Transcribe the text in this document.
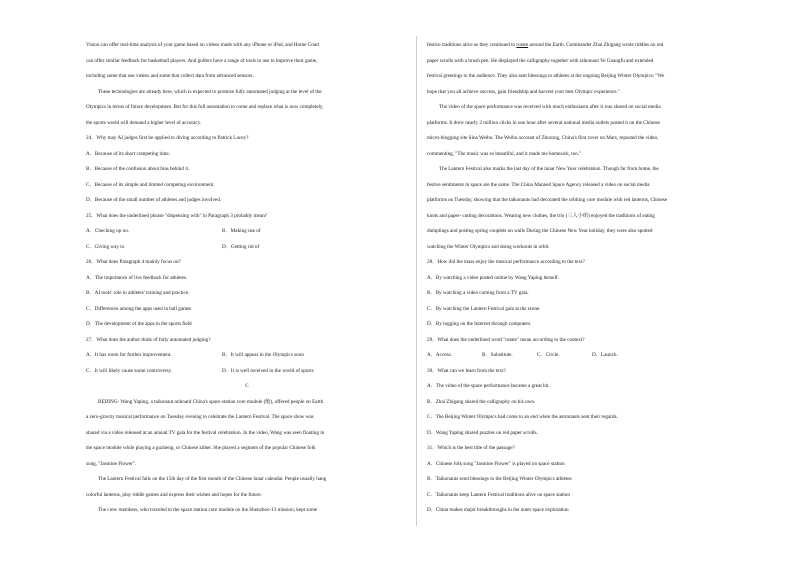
Vision can offer real-time analysis of your game based on videos made with any iPhone or iPad, and Home Court
can offer similar feedback for basketball players. And golfers have a range of tools to use to improve their game,
including some that use videos and some that collect data from advanced sensors.
These technologies are already here, which is expected to promise fully automated judging at the level of the
Olympics in terms of future development. But for this full automation to come and replace what is now completely,
the sports world will demand a higher level of accuracy.
24．Why may AI judges first be applied to diving according to Patrick Lucey?
A．Because of its short competing time.
B．Because of the confusion about bias behind it.
C．Because of its simple and limited competing environment.
D．Because of the small number of athletes and judges involved.
25．What does the underlined phrase "dispensing with" in Paragraph 3 probably mean?
A．Checking up on.	B．Making use of
C．Giving way to	D．Getting rid of
26．What does Paragraph 4 mainly focus on?
A．The importance of live feedback for athletes.
B．AI tools' role in athletes' training and practice.
C．Differences among the apps used in ball games
D．The development of the apps in the sports field
27．What does the author think of fully automated judging?
A．It has room for further improvement.	B．It will appear in the Olympics soon
C．It will likely cause some controversy.	D．It is well received in the world of sports
C
BEIJING- Wang Yaping, a taikonaut onboard China's space station core module (舱), offered people on Earth
a zero-gravity musical performance on Tuesday evening to celebrate the Lantern Festival. The space show was
shared via a video released at an annual TV gala for the festival celebration. In the video, Wang was seen floating in
the space module while playing a guzheng, or Chinese zither. She played a segment of the popular Chinese folk
song, "Jasmine Flower".
The Lantern Festival falls on the 15th day of the first month of the Chinese lunar calendar. People usually hang
colorful lanterns, play riddle games and express their wishes and hopes for the future.
The crew members, who traveled to the space station core module on the Shenzhou-13 mission, kept some
festive traditions alive as they continued to rotate around the Earth. Commander Zhai Zhigang wrote riddles on red
paper scrolls with a brush pen. He displayed the calligraphy together with taikonaut Ye Guangfu and extended
festival greetings to the audience. They also sent blessings to athletes at the ongoing Beijing Winter Olympics: "We
hope that you all achieve success, gain friendship and harvest your best Olympic experience."
The video of the space performance was received with much enthusiasm after it was shared on social media
platforms. It drew nearly 2 million clicks in one hour after several national media outlets posted it on the Chinese
micro-blogging site Sina Weibo. The Weibo account of Zhurong, China's first rover on Mars, reposted the video,
commenting, "The music was so beautiful, and it made me homesick, too."
The Lantern Festival also marks the last day of the lunar New Year celebration. Though far from home, the
festive sentiments in space are the same. The China Manned Space Agency released a video on social media
platforms on Tuesday, showing that the taikonauts had decorated the orbiting core module with red lanterns, Chinese
knots and paper- cutting decorations. Wearing new clothes, the trio (三人小组) enjoyed the traditions of eating
dumplings and posting spring couplets on walls During the Chinese New Year holiday, they were also spotted
watching the Winter Olympics and doing workouts in orbit.
28．How did the mass enjoy the musical performance according to the text?
A．By watching a video posted online by Wang Yaping herself.
B．By watching a video coming from a TV gala.
C．By watching the Lantern Festival gala at the scene.
D．By logging on the Internet through computers.
29．What does the underlined word "rotate" mean according to the context?
A．Access.	B．Substitute.	C．Circle.	D．Launch.
30．What can we learn from the text?
A．The video of the space performance became a great hit.
B．Zhai Zhigang shared the calligraphy on his own.
C．The Beijing Winter Olympics had come to an end when the astronauts sent their regards.
D．Wang Yaping shared puzzles on red paper scrolls.
31．Which is the best title of the passage?
A．Chinese folk song "Jasmine Flower" is played on space station
B．Taikonauts send blessings to the Beijing Winter Olympics athletes
C．Taikonauts keep Lantern Festival traditions alive on space station
D．China makes major breakthroughs in the outer space exploration
